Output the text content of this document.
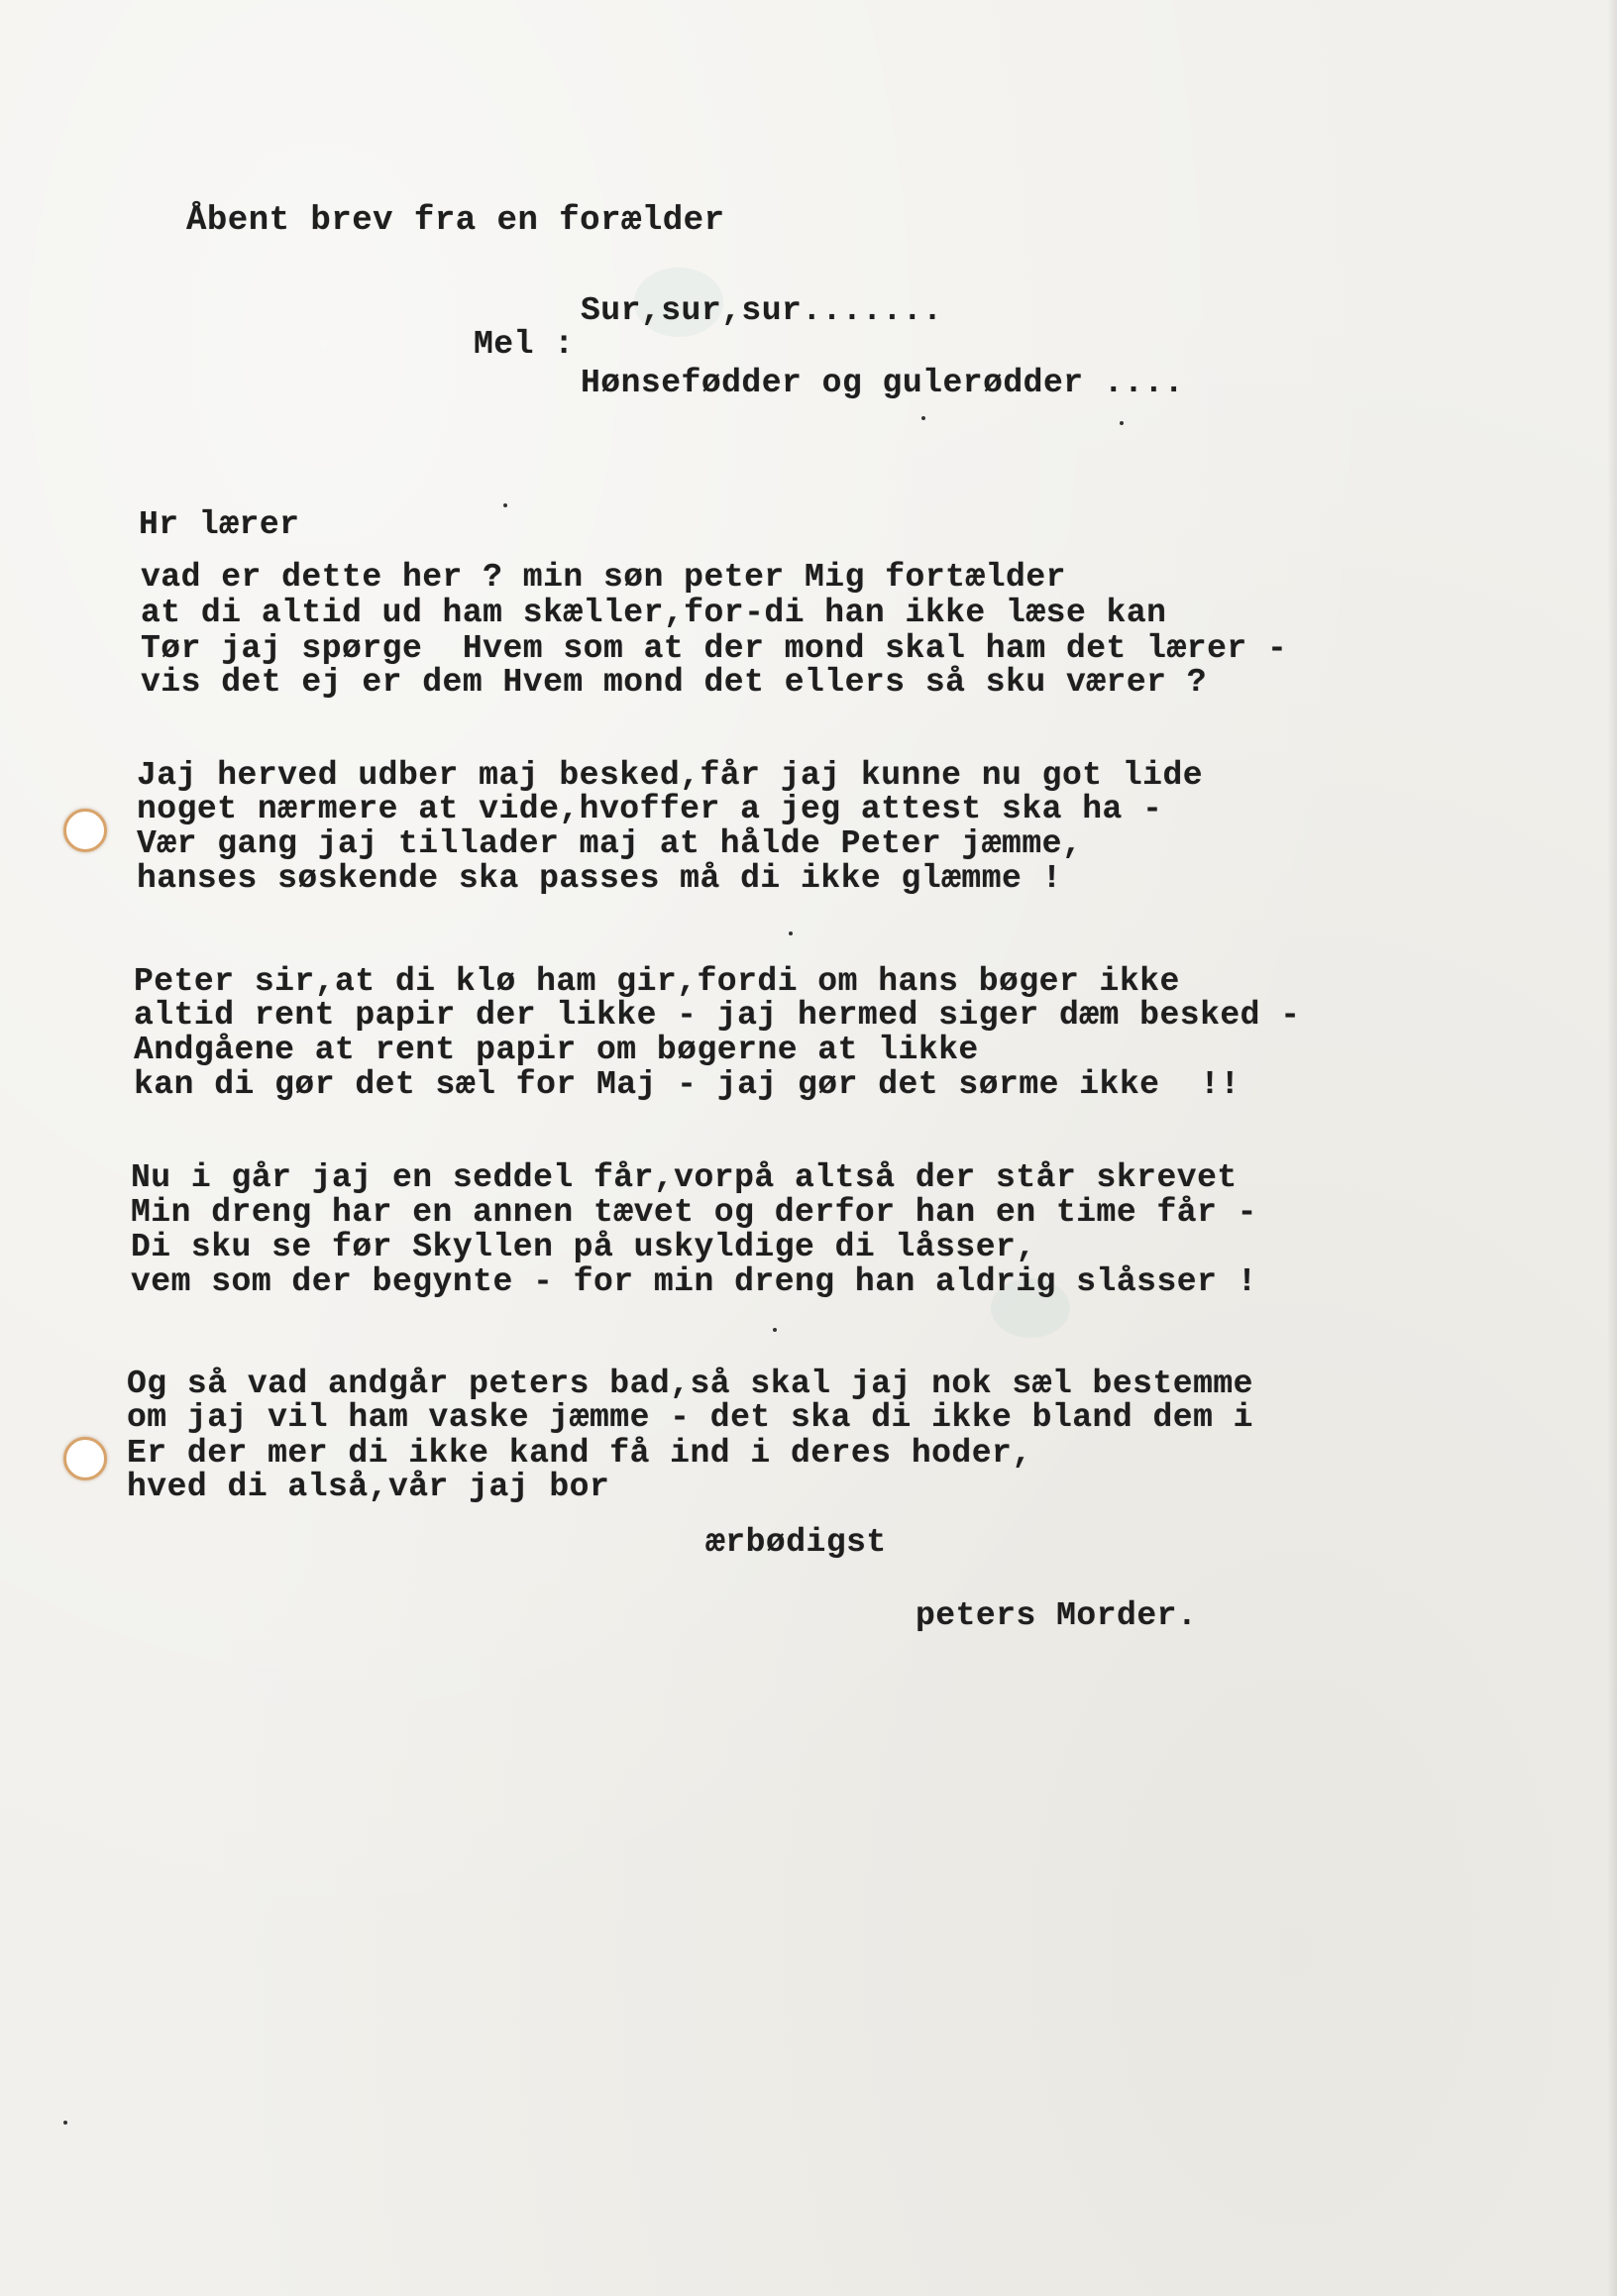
Åbent brev fra en forælder
Sur,sur,sur.......
Mel :
Hønsefødder og gulerødder ....
Hr lærer
vad er dette her ? min søn peter Mig fortælder
at di altid ud ham skæller,for-di han ikke læse kan
Tør jaj spørge  Hvem som at der mond skal ham det lærer -
vis det ej er dem Hvem mond det ellers så sku værer ?
Jaj herved udber maj besked,får jaj kunne nu got lide
noget nærmere at vide,hvoffer a jeg attest ska ha -
Vær gang jaj tillader maj at hålde Peter jæmme,
hanses søskende ska passes må di ikke glæmme !
Peter sir,at di klø ham gir,fordi om hans bøger ikke
altid rent papir der likke - jaj hermed siger dæm besked -
Andgåene at rent papir om bøgerne at likke
kan di gør det sæl for Maj - jaj gør det sørme ikke  !!
Nu i går jaj en seddel får,vorpå altså der står skrevet
Min dreng har en annen tævet og derfor han en time får -
Di sku se før Skyllen på uskyldige di låsser,
vem som der begynte - for min dreng han aldrig slåsser !
Og så vad andgår peters bad,så skal jaj nok sæl bestemme
om jaj vil ham vaske jæmme - det ska di ikke bland dem i
Er der mer di ikke kand få ind i deres hoder,
hved di alså,vår jaj bor
ærbødigst
peters Morder.
